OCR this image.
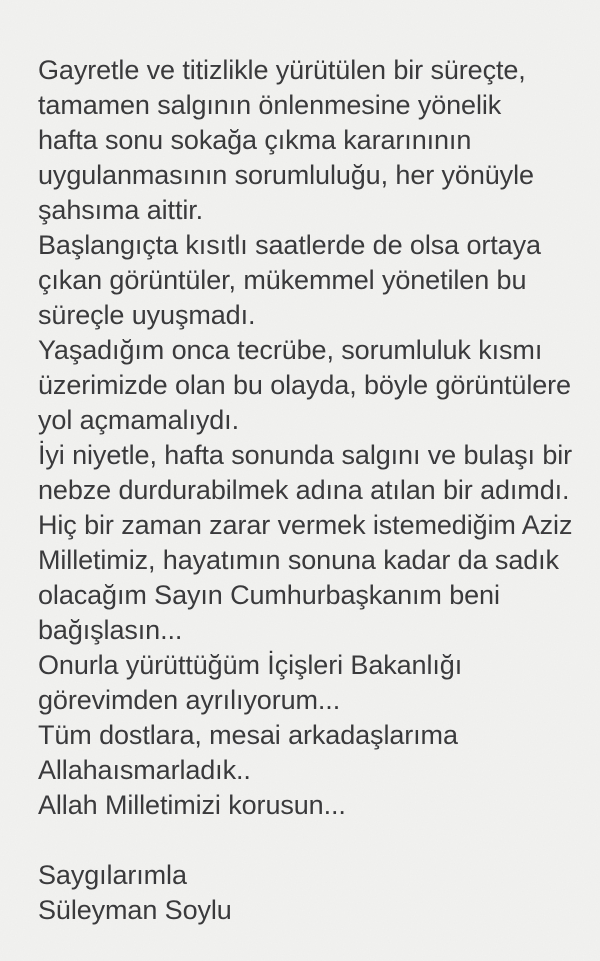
Gayretle ve titizlikle yürütülen bir süreçte,
tamamen salgının önlenmesine yönelik
hafta sonu sokağa çıkma kararınının
uygulanmasının sorumluluğu, her yönüyle
şahsıma aittir.
Başlangıçta kısıtlı saatlerde de olsa ortaya
çıkan görüntüler, mükemmel yönetilen bu
süreçle uyuşmadı.
Yaşadığım onca tecrübe, sorumluluk kısmı
üzerimizde olan bu olayda, böyle görüntülere
yol açmamalıydı.
İyi niyetle, hafta sonunda salgını ve bulaşı bir
nebze durdurabilmek adına atılan bir adımdı.
Hiç bir zaman zarar vermek istemediğim Aziz
Milletimiz, hayatımın sonuna kadar da sadık
olacağım Sayın Cumhurbaşkanım beni
bağışlasın...
Onurla yürüttüğüm İçişleri Bakanlığı
görevimden ayrılıyorum...
Tüm dostlara, mesai arkadaşlarıma
Allahaısmarladık..
Allah Milletimizi korusun...

Saygılarımla
Süleyman Soylu
